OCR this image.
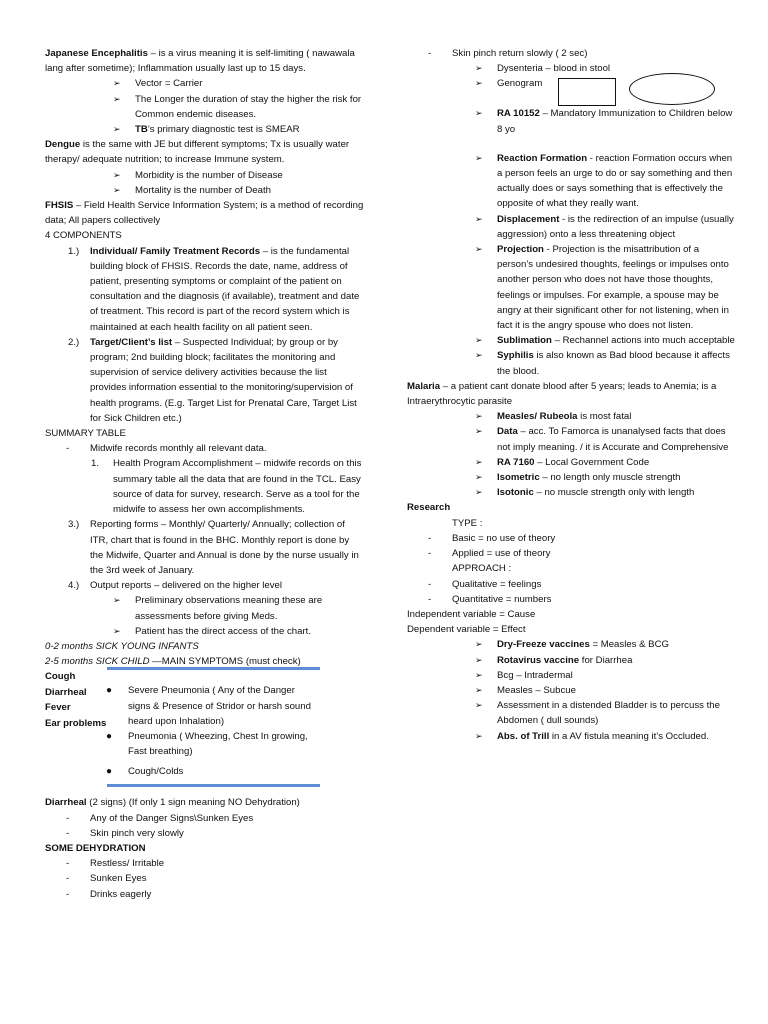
Japanese Encephalitis – is a virus meaning it is self-limiting ( nawawala lang after sometime); Inflammation usually last up to 15 days.

➢ Vector = Carrier
➢ The Longer the duration of stay the higher the risk for Common endemic diseases.
➢ TB’s primary diagnostic test is SMEAR

Dengue is the same with JE but different symptoms; Tx is usually water therapy/ adequate nutrition; to increase Immune system.

➢ Morbidity is the number of Disease
➢ Mortality is the number of Death

FHSIS – Field Health Service Information System; is a method of recording data; All papers collectively

4 COMPONENTS

1.) Individual/ Family Treatment Records – is the fundamental building block of FHSIS. Records the date, name, address of patient, presenting symptoms or complaint of the patient on consultation and the diagnosis (if available), treatment and date of treatment. This record is part of the record system which is maintained at each health facility on all patient seen.
2.) Target/Client’s list – Suspected Individual; by group or by program; 2nd building block; facilitates the monitoring and supervision of service delivery activities because the list provides information essential to the monitoring/supervision of health programs. (E.g. Target List for Prenatal Care, Target List for Sick Children etc.)

SUMMARY TABLE

- Midwife records monthly all relevant data.
1. Health Program Accomplishment – midwife records on this summary table all the data that are found in the TCL. Easy source of data for survey, research. Serve as a tool for the midwife to assess her own accomplishments.
3.) Reporting forms – Monthly/ Quarterly/ Annually; collection of ITR, chart that is found in the BHC. Monthly report is done by the Midwife, Quarter and Annual is done by the nurse usually in the 3rd week of January.
4.) Output reports – delivered on the higher level
➢ Preliminary observations meaning these are assessments before giving Meds.
➢ Patient has the direct access of the chart.

0-2 months SICK YOUNG INFANTS

2-5 months SICK CHILD —MAIN SYMPTOMS (must check)

Cough
Diarrheal
Fever
Ear problems
● Severe Pneumonia ( Any of the Danger signs & Presence of Stridor or harsh sound heard upon Inhalation)
● Pneumonia ( Wheezing, Chest In growing, Fast breathing)
● Cough/Colds

Diarrheal (2 signs) (If only 1 sign meaning NO Dehydration)

- Any of the Danger Signs\Sunken Eyes
- Skin pinch very slowly

SOME DEHYDRATION

- Restless/ Irritable
- Sunken Eyes
- Drinks eagerly
- Skin pinch return slowly ( 2 sec)
➢ Dysenteria – blood in stool
➢ Genogram
➢ RA 10152 – Mandatory Immunization to Children below 8 yo
➢ Reaction Formation - reaction Formation occurs when a person feels an urge to do or say something and then actually does or says something that is effectively the opposite of what they really want.
➢ Displacement - is the redirection of an impulse (usually aggression) onto a less threatening object
➢ Projection - Projection is the misattribution of a person’s undesired thoughts, feelings or impulses onto another person who does not have those thoughts, feelings or impulses. For example, a spouse may be angry at their significant other for not listening, when in fact it is the angry spouse who does not listen.
➢ Sublimation – Rechannel actions into much acceptable
➢ Syphilis is also known as Bad blood because it affects the blood.

Malaria – a patient cant donate blood after 5 years; leads to Anemia; is a Intraerythrocytic parasite

➢ Measles/ Rubeola is most fatal
➢ Data – acc. To Famorca is unanalysed facts that does not imply meaning. / it is Accurate and Comprehensive
➢ RA 7160 – Local Government Code
➢ Isometric – no length only muscle strength
➢ Isotonic – no muscle strength only with length

Research

TYPE :

- Basic = no use of theory
- Applied = use of theory

APPROACH :

- Qualitative = feelings
- Quantitative = numbers

Independent variable = Cause

Dependent variable = Effect

➢ Dry-Freeze vaccines = Measles & BCG
➢ Rotavirus vaccine for Diarrhea
➢ Bcg – Intradermal
➢ Measles – Subcue
➢ Assessment in a distended Bladder is to percuss the Abdomen ( dull sounds)
➢ Abs. of Trill in a AV fistula meaning it’s Occluded.
